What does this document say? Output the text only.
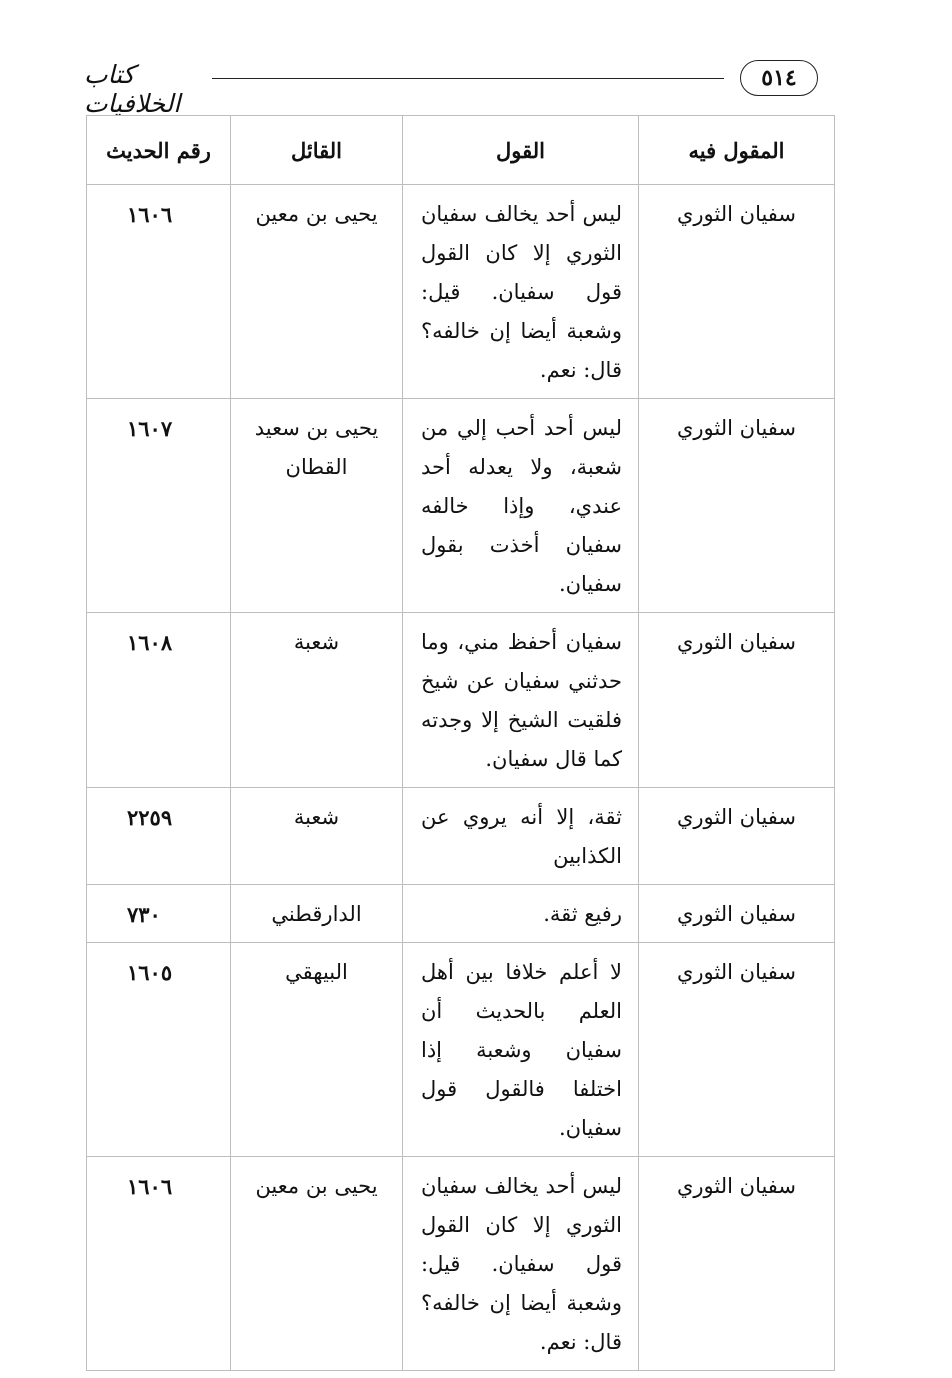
٥١٤
كتاب الخلافيات
المقول فيه	القول	القائل	رقم الحديث
سفيان الثوري	ليس أحد يخالف سفيان الثوري إلا كان القول قول سفيان. قيل: وشعبة أيضا إن خالفه؟ قال: نعم.	يحيى بن معين	١٦٠٦
سفيان الثوري	ليس أحد أحب إلي من شعبة، ولا يعدله أحد عندي، وإذا خالفه سفيان أخذت بقول سفيان.	يحيى بن سعيد القطان	١٦٠٧
سفيان الثوري	سفيان أحفظ مني، وما حدثني سفيان عن شيخ فلقيت الشيخ إلا وجدته كما قال سفيان.	شعبة	١٦٠٨
سفيان الثوري	ثقة، إلا أنه يروي عن الكذابين	شعبة	٢٢٥٩
سفيان الثوري	رفيع ثقة.	الدارقطني	٧٣٠
سفيان الثوري	لا أعلم خلافا بين أهل العلم بالحديث أن سفيان وشعبة إذا اختلفا فالقول قول سفيان.	البيهقي	١٦٠٥
سفيان الثوري	ليس أحد يخالف سفيان الثوري إلا كان القول قول سفيان. قيل: وشعبة أيضا إن خالفه؟ قال: نعم.	يحيى بن معين	١٦٠٦
